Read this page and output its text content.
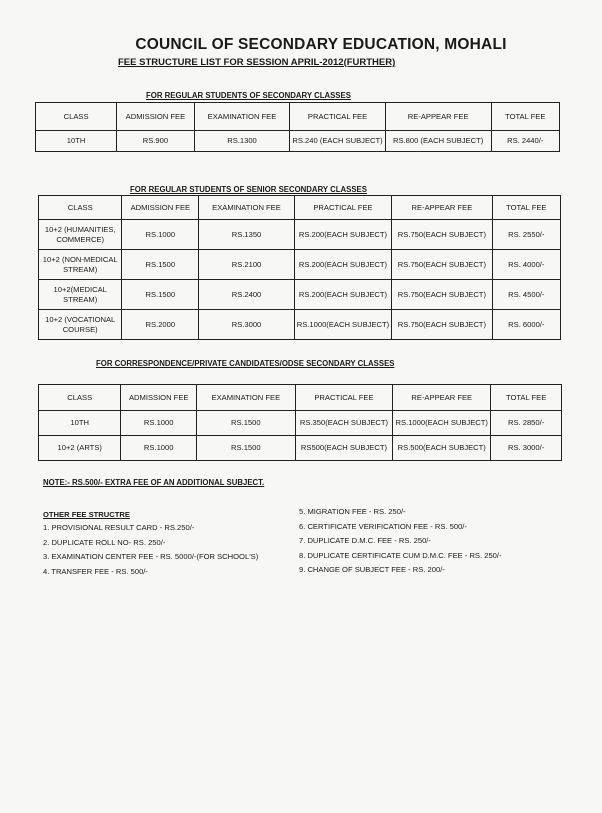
COUNCIL OF SECONDARY EDUCATION, MOHALI
FEE STRUCTURE LIST FOR SESSION APRIL-2012(FURTHER)
FOR REGULAR STUDENTS OF SECONDARY CLASSES
CLASS	ADMISSION FEE	EXAMINATION FEE	PRACTICAL FEE	RE-APPEAR FEE	TOTAL FEE
10TH	RS.900	RS.1300	RS.240 (EACH SUBJECT)	RS.800 (EACH SUBJECT)	RS. 2440/-
FOR REGULAR STUDENTS OF SENIOR SECONDARY CLASSES
CLASS	ADMISSION FEE	EXAMINATION FEE	PRACTICAL FEE	RE-APPEAR FEE	TOTAL FEE
10+2 (HUMANITIES, COMMERCE)	RS.1000	RS.1350	RS.200(EACH SUBJECT)	RS.750(EACH SUBJECT)	RS. 2550/-
10+2 (NON-MEDICAL STREAM)	RS.1500	RS.2100	RS.200(EACH SUBJECT)	RS.750(EACH SUBJECT)	RS. 4000/-
10+2(MEDICAL STREAM)	RS.1500	RS.2400	RS.200(EACH SUBJECT)	RS.750(EACH SUBJECT)	RS. 4500/-
10+2 (VOCATIONAL COURSE)	RS.2000	RS.3000	RS.1000(EACH SUBJECT)	RS.750(EACH SUBJECT)	RS. 6000/-
FOR CORRESPONDENCE/PRIVATE CANDIDATES/ODSE SECONDARY CLASSES
CLASS	ADMISSION FEE	EXAMINATION FEE	PRACTICAL FEE	RE-APPEAR FEE	TOTAL FEE
10TH	RS.1000	RS.1500	RS.350(EACH SUBJECT)	RS.1000(EACH SUBJECT)	RS. 2850/-
10+2 (ARTS)	RS.1000	RS.1500	RS500(EACH SUBJECT)	RS.500(EACH SUBJECT)	RS. 3000/-
NOTE:- RS.500/- EXTRA FEE OF AN ADDITIONAL SUBJECT.
OTHER FEE STRUCTRE
1. PROVISIONAL RESULT CARD - RS.250/-
2. DUPLICATE ROLL NO- RS. 250/-
3. EXAMINATION CENTER FEE - RS. 5000/-(FOR SCHOOL'S)
4. TRANSFER FEE - RS. 500/-
5. MIGRATION FEE - RS. 250/-
6. CERTIFICATE VERIFICATION FEE - RS. 500/-
7. DUPLICATE D.M.C. FEE - RS. 250/-
8. DUPLICATE CERTIFICATE CUM D.M.C. FEE - RS. 250/-
9. CHANGE OF SUBJECT FEE - RS. 200/-
